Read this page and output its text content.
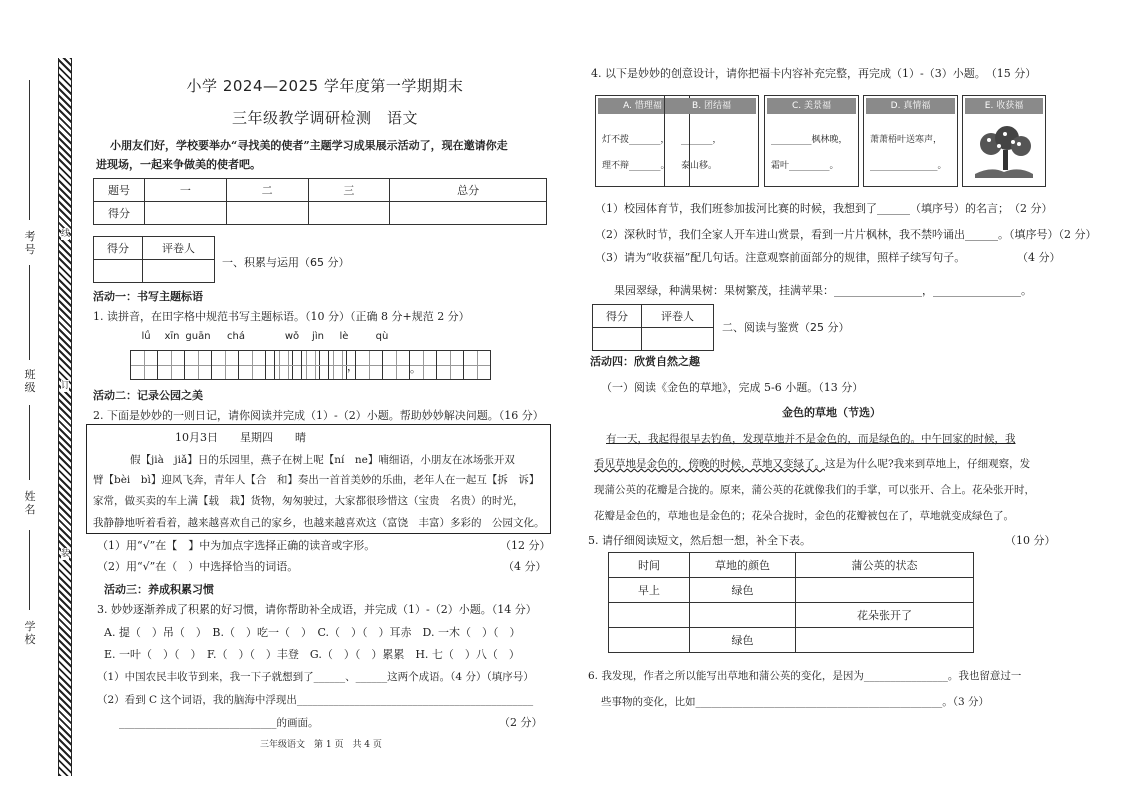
考号
班级
姓名
学校
线
订
装
小学 2024—2025 学年度第一学期期末
三年级教学调研检测　语文
小朋友们好，学校要举办“寻找美的使者”主题学习成果展示活动了，现在邀请你走
进现场，一起来争做美的使者吧。
题号	一	二	三	总分
得分				
得分	评卷人

一、积累与运用（65 分）
活动一：书写主题标语
1. 读拼音，在田字格中规范书写主题标语。（10 分）（正确 8 分+规范 2 分）
lǘ	xīn guān	chá	wǒ	jìn	lè	qù
。
活动二：记录公园之美
2. 下面是妙妙的一则日记，请你阅读并完成（1）-（2）小题。帮助妙妙解决问题。（16 分）
10月3日　　星期四　　晴
假【jià　jiǎ】日的乐园里，燕子在树上呢【ní　ne】喃细语，小朋友在冰场张开双
臂【bèi　bì】迎风飞奔，青年人【合　和】奏出一首首美妙的乐曲，老年人在一起互【拆　诉】
家常，做买卖的车上满【载　栽】货物，匆匆驶过，大家都很珍惜这（宝贵　名贵）的时光，
我静静地听着看着，越来越喜欢自己的家乡，也越来越喜欢这（富饶　丰富）多彩的　公园文化。
（1）用“√”在【　】中为加点字选择正确的读音或字形。	（12 分）
（2）用“√”在（　）中选择恰当的词语。	（4 分）
活动三：养成积累习惯
3. 妙妙逐渐养成了积累的好习惯，请你帮助补全成语，并完成（1）-（2）小题。（14 分）
A. 提（　）吊（　）　B.（　）吃一（　）　C.（　）（　）耳赤　D. 一木（　）（　）
E. 一叶（　）（　）　F.（　）（　）丰登　G.（　）（　）累累　H. 七（　）八（　）
（1）中国农民丰收节到来，我一下子就想到了______、______这两个成语。（4 分）（填序号）
（2）看到 C 这个词语，我的脑海中浮现出_____________________________________________
______________________________的画面。	（2 分）
三年级语文　第 1 页　共 4 页
4. 以下是妙妙的创意设计，请你把福卡内容补充完整，再完成（1）-（3）小题。　（15 分）
A. 惜理福
灯不拨_______，
理不辩_______。
B. 团结福
_______，
泰山移。
C. 美景福
_________枫林晚，
霜叶_________。
D. 真情福
萧萧梧叶送寒声，
_______________。
E. 收获福
（1）校园体育节，我们班参加拔河比赛的时候，我想到了______（填序号）的名言；　（2 分）
（2）深秋时节，我们全家人开车进山赏景，看到一片片枫林，我不禁吟诵出______。（填序号）（2 分）
（3）请为“收获福”配几句话。注意观察前面部分的规律，照样子续写句子。	（4 分）
果园翠绿，种满果树：果树繁茂，挂满苹果：________________，________________。
得分	评卷人

二、阅读与鉴赏（25 分）
活动四：欣赏自然之趣
（一）阅读《金色的草地》，完成 5-6 小题。（13 分）
金色的草地（节选）
有一天，我起得很早去钓鱼，发现草地并不是金色的，而是绿色的。中午回家的时候，我
看见草地是金色的，傍晚的时候，草地又变绿了。这是为什么呢?我来到草地上，仔细观察，发
现蒲公英的花瓣是合拢的。原来，蒲公英的花就像我们的手掌，可以张开、合上。花朵张开时，
花瓣是金色的，草地也是金色的；花朵合拢时，金色的花瓣被包在了，草地就变成绿色了。
5. 请仔细阅读短文，然后想一想，补全下表。	（10 分）
时间	草地的颜色	蒲公英的状态
早上	绿色	
		花朵张开了
	绿色	
6. 我发现，作者之所以能写出草地和蒲公英的变化，是因为________________。我也留意过一
些事物的变化，比如_______________________________________________。（3 分）
